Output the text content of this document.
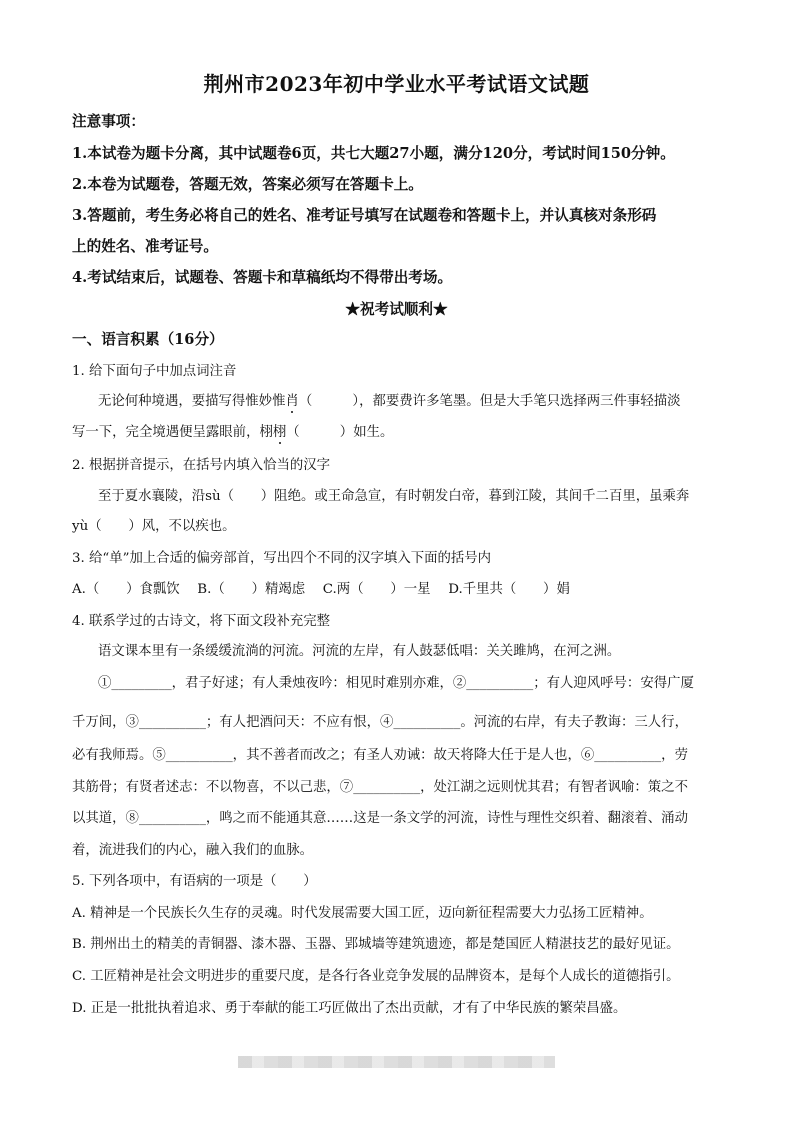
荆州市2023年初中学业水平考试语文试题
注意事项：
1.本试卷为题卡分离，其中试题卷6页，共七大题27小题，满分120分，考试时间150分钟。
2.本卷为试题卷，答题无效，答案必须写在答题卡上。
3.答题前，考生务必将自己的姓名、准考证号填写在试题卷和答题卡上，并认真核对条形码
上的姓名、准考证号。
4.考试结束后，试题卷、答题卡和草稿纸均不得带出考场。
★祝考试顺利★
一、语言积累（16分）
1. 给下面句子中加点词注音
无论何种境遇，要描写得惟妙惟肖（　　　），都要费许多笔墨。但是大手笔只选择两三件事轻描淡
写一下，完全境遇便呈露眼前，栩栩（　　　）如生。
2. 根据拼音提示，在括号内填入恰当的汉字
至于夏水襄陵，沿sù（　　）阻绝。或王命急宣，有时朝发白帝，暮到江陵，其间千二百里，虽乘奔
yù（　　）风，不以疾也。
3. 给“单”加上合适的偏旁部首，写出四个不同的汉字填入下面的括号内
A.（　　）食瓢饮　 B.（　　）精竭虑　 C.两（　　）一星　 D.千里共（　　）娟
4. 联系学过的古诗文，将下面文段补充完整
语文课本里有一条缓缓流淌的河流。河流的左岸，有人鼓瑟低唱：关关雎鸠，在河之洲。
①_________，君子好逑；有人秉烛夜吟：相见时难别亦难，②__________；有人迎风呼号：安得广厦
千万间，③__________；有人把酒问天：不应有恨，④__________。河流的右岸，有夫子教诲：三人行，
必有我师焉。⑤__________，其不善者而改之；有圣人劝诫：故天将降大任于是人也，⑥__________，劳
其筋骨；有贤者述志：不以物喜，不以己悲，⑦__________，处江湖之远则忧其君；有智者讽喻：策之不
以其道，⑧__________，鸣之而不能通其意……这是一条文学的河流，诗性与理性交织着、翻滚着、涌动
着，流进我们的内心，融入我们的血脉。
5. 下列各项中，有语病的一项是（　　）
A. 精神是一个民族长久生存的灵魂。时代发展需要大国工匠，迈向新征程需要大力弘扬工匠精神。
B. 荆州出土的精美的青铜器、漆木器、玉器、郢城墙等建筑遗迹，都是楚国匠人精湛技艺的最好见证。
C. 工匠精神是社会文明进步的重要尺度，是各行各业竞争发展的品牌资本，是每个人成长的道德指引。
D. 正是一批批执着追求、勇于奉献的能工巧匠做出了杰出贡献，才有了中华民族的繁荣昌盛。
